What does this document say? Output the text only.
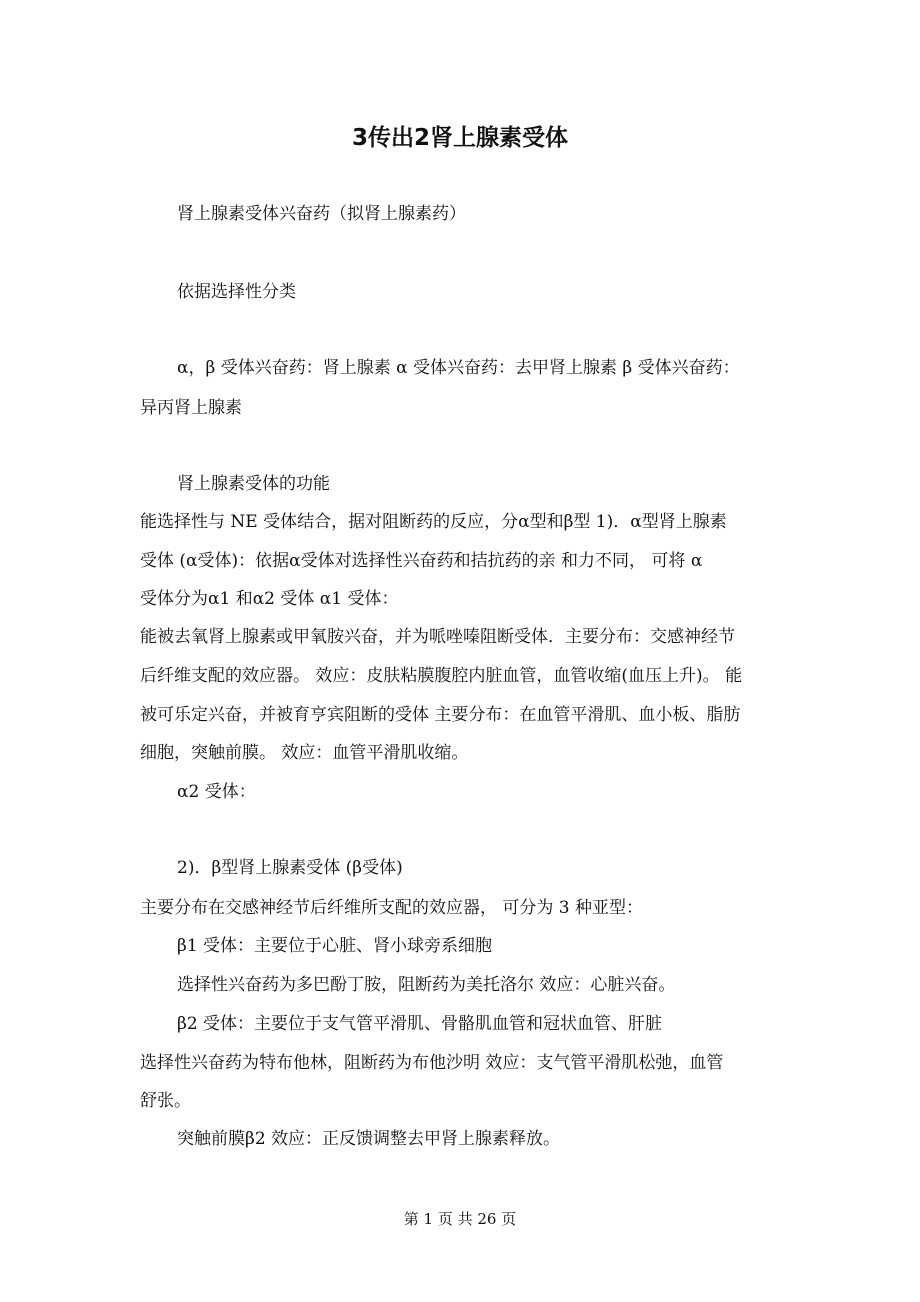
3传出2肾上腺素受体
肾上腺素受体兴奋药（拟肾上腺素药）
依据选择性分类
α，β 受体兴奋药：肾上腺素 α 受体兴奋药：去甲肾上腺素 β 受体兴奋药：
异丙肾上腺素
肾上腺素受体的功能
能选择性与 NE 受体结合，据对阻断药的反应，分α型和β型 1)．α型肾上腺素
受体 (α受体)：依据α受体对选择性兴奋药和拮抗药的亲 和力不同， 可将 α
受体分为α1 和α2 受体 α1 受体：
能被去氧肾上腺素或甲氧胺兴奋，并为哌唑嗪阻断受体．主要分布：交感神经节
后纤维支配的效应器。 效应：皮肤粘膜腹腔内脏血管，血管收缩(血压上升)。 能
被可乐定兴奋，并被育亨宾阻断的受体 主要分布：在血管平滑肌、血小板、脂肪
细胞，突触前膜。 效应：血管平滑肌收缩。
α2 受体：
2)．β型肾上腺素受体 (β受体)
主要分布在交感神经节后纤维所支配的效应器， 可分为 3 种亚型：
β1 受体：主要位于心脏、肾小球旁系细胞
选择性兴奋药为多巴酚丁胺，阻断药为美托洛尔 效应：心脏兴奋。
β2 受体：主要位于支气管平滑肌、骨骼肌血管和冠状血管、肝脏
选择性兴奋药为特布他林，阻断药为布他沙明 效应：支气管平滑肌松弛，血管
舒张。
突触前膜β2 效应：正反馈调整去甲肾上腺素释放。
第 1 页 共 26 页
